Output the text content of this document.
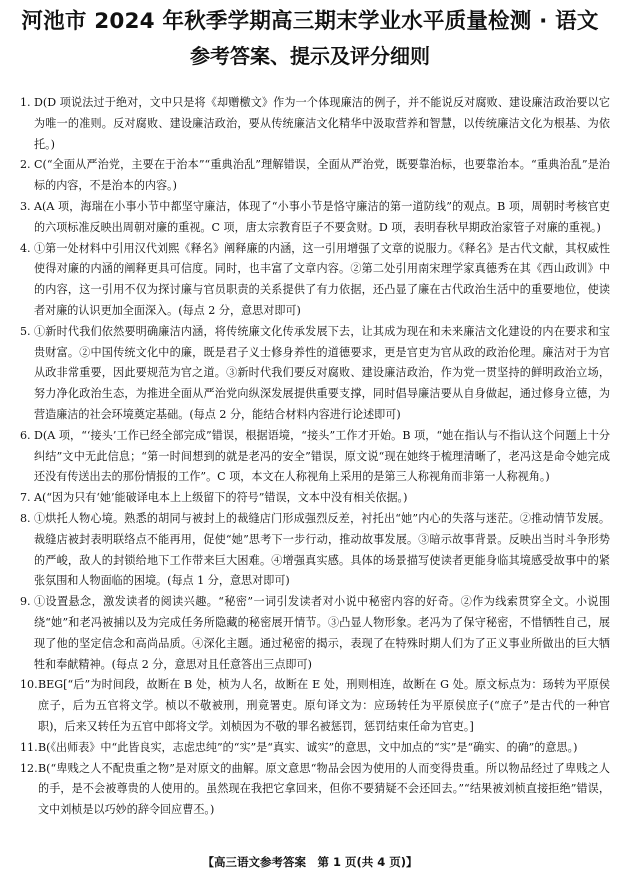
河池市 2024 年秋季学期高三期末学业水平质量检测 · 语文
参考答案、提示及评分细则
1. D(D 项说法过于绝对，文中只是将《却赠檄文》作为一个体现廉洁的例子，并不能说反对腐败、建设廉洁政治要以它为唯一的准则。反对腐败、建设廉洁政治，要从传统廉洁文化精华中汲取营养和智慧，以传统廉洁文化为根基、为依托。)
2. C(“全面从严治党，主要在于治本”“重典治乱”理解错误，全面从严治党，既要靠治标，也要靠治本。“重典治乱”是治标的内容，不是治本的内容。)
3. A(A 项，海瑞在小事小节中都坚守廉洁，体现了“小事小节是恪守廉洁的第一道防线”的观点。B 项，周朝时考核官吏的六项标准反映出周朝对廉的重视。C 项，唐太宗教育臣子不要贪财。D 项，表明春秋早期政治家管子对廉的重视。)
4. ①第一处材料中引用汉代刘熙《释名》阐释廉的内涵，这一引用增强了文章的说服力。《释名》是古代文献，其权威性使得对廉的内涵的阐释更具可信度。同时，也丰富了文章内容。②第二处引用南宋理学家真德秀在其《西山政训》中的内容，这一引用不仅为探讨廉与官员职责的关系提供了有力依据，还凸显了廉在古代政治生活中的重要地位，使读者对廉的认识更加全面深入。(每点 2 分，意思对即可)
5. ①新时代我们依然要明确廉洁内涵，将传统廉文化传承发展下去，让其成为现在和未来廉洁文化建设的内在要求和宝贵财富。②中国传统文化中的廉，既是君子义士修身养性的道德要求，更是官吏为官从政的政治伦理。廉洁对于为官从政非常重要，因此要规范为官之道。③新时代我们要反对腐败、建设廉洁政治，作为党一贯坚持的鲜明政治立场，努力净化政治生态，为推进全面从严治党向纵深发展提供重要支撑，同时倡导廉洁要从自身做起，通过修身立德，为营造廉洁的社会环境奠定基础。(每点 2 分，能结合材料内容进行论述即可)
6. D(A 项，“‘接头’工作已经全部完成”错误，根据语境，“接头”工作才开始。B 项，“她在指认与不指认这个问题上十分纠结”文中无此信息；“第一时间想到的就是老冯的安全”错误，原文说“现在她终于梳理清晰了，老冯这是命令她完成还没有传送出去的那份情报的工作”。C 项，本文在人称视角上采用的是第三人称视角而非第一人称视角。)
7. A(“因为只有‘她’能破译电本上上级留下的符号”错误，文本中没有相关依据。)
8. ①烘托人物心境。熟悉的胡同与被封上的裁缝店门形成强烈反差，衬托出“她”内心的失落与迷茫。②推动情节发展。裁缝店被封表明联络点不能再用，促使“她”思考下一步行动，推动故事发展。③暗示故事背景。反映出当时斗争形势的严峻，敌人的封锁给地下工作带来巨大困难。④增强真实感。具体的场景描写使读者更能身临其境感受故事中的紧张氛围和人物面临的困境。(每点 1 分，意思对即可)
9. ①设置悬念，激发读者的阅读兴趣。“秘密”一词引发读者对小说中秘密内容的好奇。②作为线索贯穿全文。小说围绕“她”和老冯被捕以及为完成任务所隐藏的秘密展开情节。③凸显人物形象。老冯为了保守秘密，不惜牺牲自己，展现了他的坚定信念和高尚品质。④深化主题。通过秘密的揭示，表现了在特殊时期人们为了正义事业所做出的巨大牺牲和奉献精神。(每点 2 分，意思对且任意答出三点即可)
10. BEG[“后”为时间段，故断在 B 处，桢为人名，故断在 E 处，刑则相连，故断在 G 处。原文标点为：玚转为平原侯庶子，后为五官将文学。桢以不敬被刑，刑竟署吏。原句译文为：应玚转任为平原侯庶子(“庶子”是古代的一种官职)，后来又转任为五官中郎将文学。刘桢因为不敬的罪名被惩罚，惩罚结束任命为官吏。]
11. B(《出师表》中“此皆良实，志虑忠纯”的“实”是“真实、诚实”的意思，文中加点的“实”是“确实、的确”的意思。)
12. B(“卑贱之人不配贵重之物”是对原文的曲解。原文意思“物品会因为使用的人而变得贵重。所以物品经过了卑贱之人的手，是不会被尊贵的人使用的。虽然现在我把它拿回来，但你不要猜疑不会还回去。”“结果被刘桢直接拒绝”错误，文中刘桢是以巧妙的辞令回应曹丕。)
【高三语文参考答案　第 1 页(共 4 页)】
